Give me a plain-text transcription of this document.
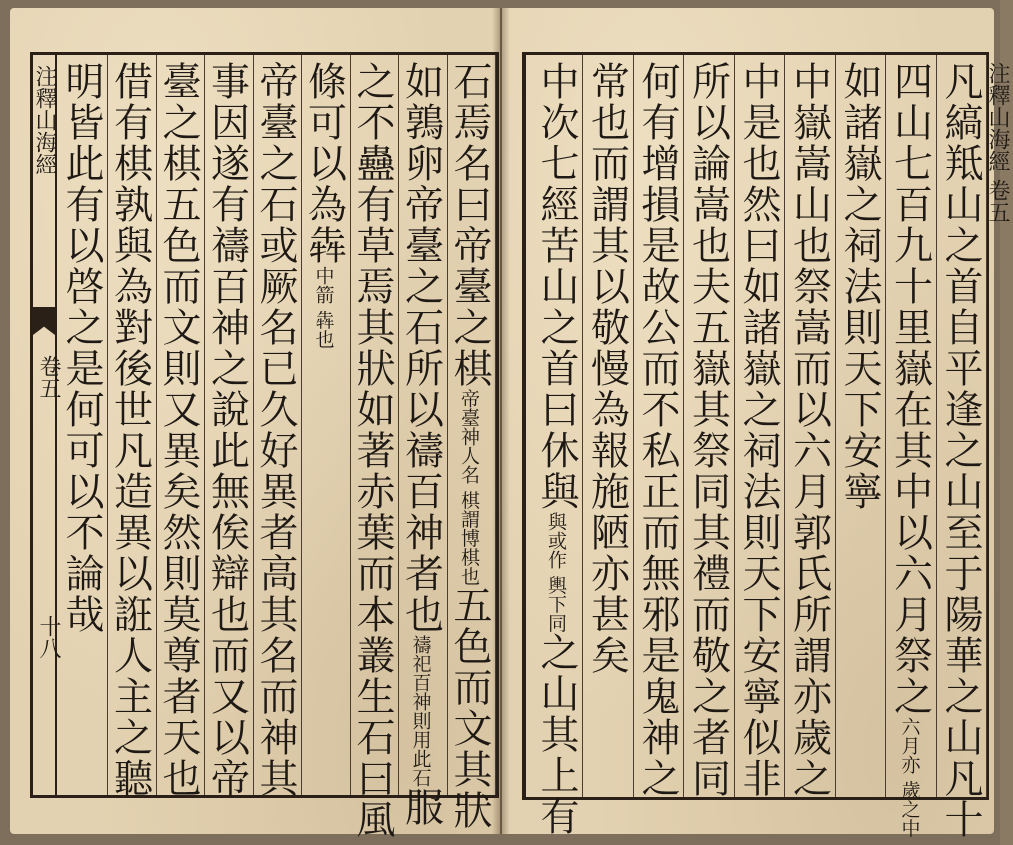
注釋山海經
卷五
十八
石焉名曰帝臺之棋帝臺神人名 棋謂博棋也五色而文其狀
如鶉卵帝臺之石所以禱百神者也禱祀百神則用此石服
之不蠱有草焉其狀如著赤葉而本叢生石曰風
條可以為犇中箭 犇也
帝臺之石或厥名已久好異者高其名而神其
事因遂有禱百神之說此無俟辯也而又以帝
臺之棋五色而文則又異矣然則莫尊者天也
借有棋孰與為對後世凡造異以誑人主之聽
明皆此有以啓之是何可以不論哉	凡縞羝山之首自平逢之山至于陽華之山凡十
四山七百九十里嶽在其中以六月祭之六月亦 歲之中
如諸嶽之祠法則天下安寧
中嶽嵩山也祭嵩而以六月郭氏所謂亦歲之
中是也然曰如諸嶽之祠法則天下安寧似非
所以論嵩也夫五嶽其祭同其禮而敬之者同
何有增損是故公而不私正而無邪是鬼神之
常也而謂其以敬慢為報施陋亦甚矣
中次七經苦山之首曰休與與或作 輿下同之山其上有
注釋山海經 卷五
